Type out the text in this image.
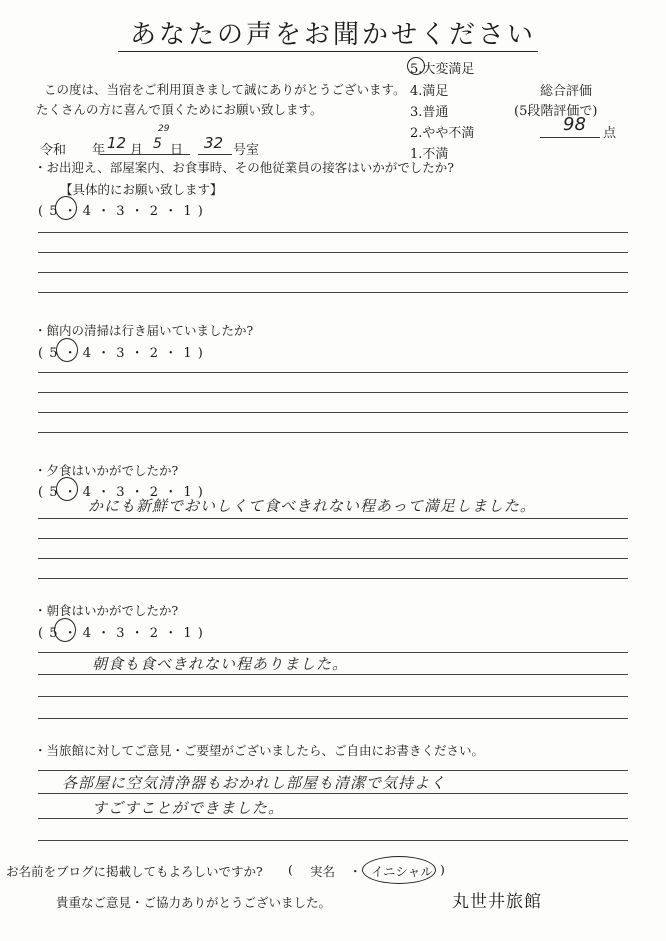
あなたの声をお聞かせください
この度は、当宿をご利用頂きまして誠にありがとうございます。
たくさんの方に喜んで頂くためにお願い致します。
5.大変満足
4.満足
3.普通
2.やや不満
1.不満
総合評価
(5段階評価で)
98 点
令和 年 12 月 5
29
日 32 号室
・お出迎え、部屋案内、お食事時、その他従業員の接客はいかがでしたか?
【具体的にお願い致します】
( 5 ・ 4 ・ 3 ・ 2 ・ 1 )
・館内の清掃は行き届いていましたか?
( 5 ・ 4 ・ 3 ・ 2 ・ 1 )
・夕食はいかがでしたか?
( 5 ・ 4 ・ 3 ・ 2 ・ 1 )
かにも新鮮でおいしくて食べきれない程あって満足しました。
・朝食はいかがでしたか?
( 5 ・ 4 ・ 3 ・ 2 ・ 1 )
朝食も食べきれない程ありました。
・当旅館に対してご意見・ご要望がございましたら、ご自由にお書きください。
各部屋に空気清浄器もおかれし部屋も清潔で気持よく
すごすことができました。
お名前をブログに掲載してもよろしいですか? ( 実名 ・ イニシャル )
貴重なご意見・ご協力ありがとうございました。	丸世井旅館
